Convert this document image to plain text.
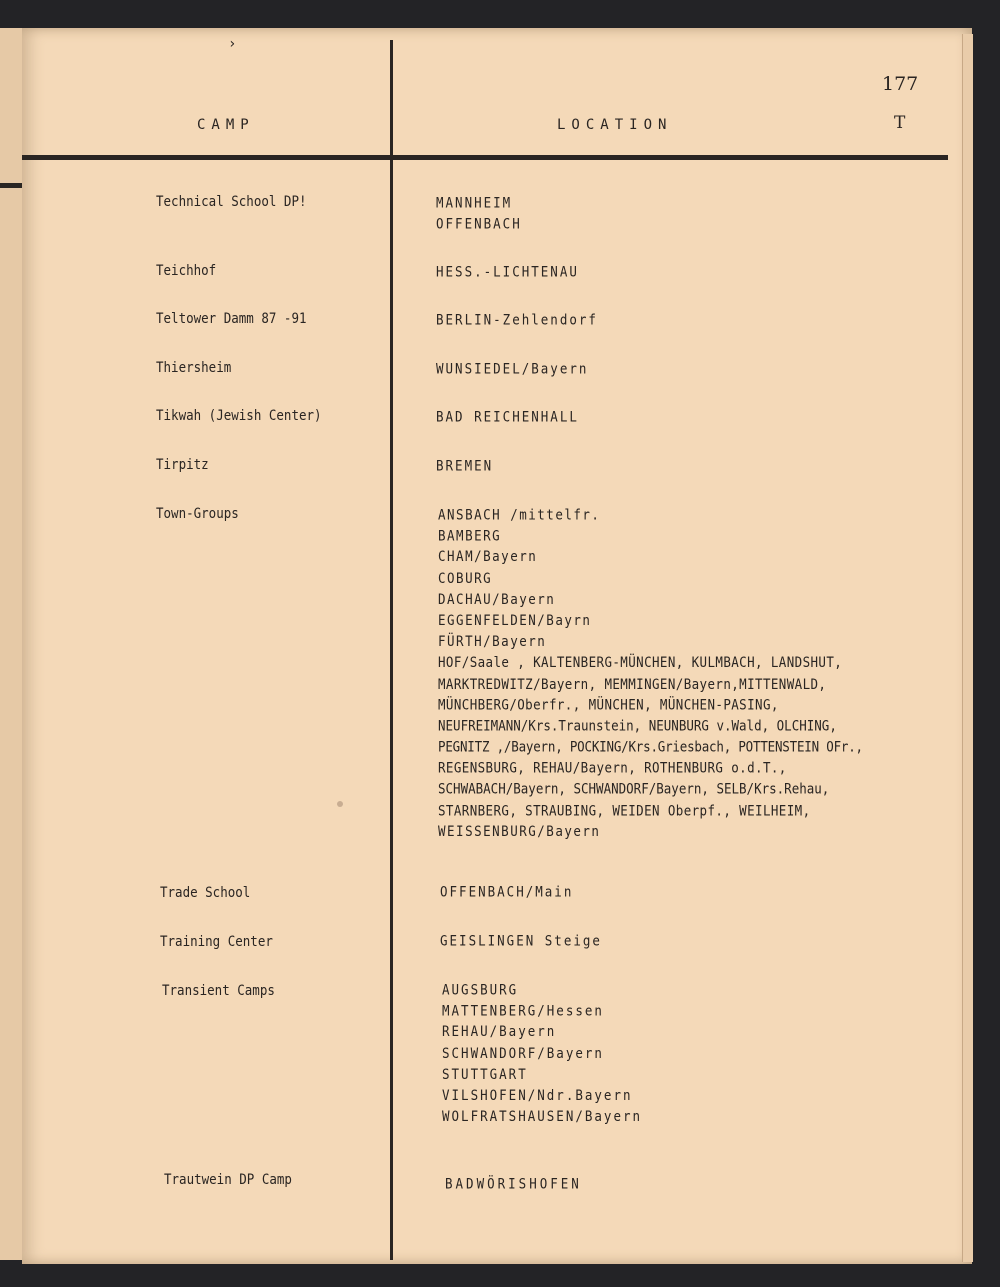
›
CAMP	LOCATION
177
T
Technical School DP!	MANNHEIM
OFFENBACH
Teichhof	HESS.-LICHTENAU
Teltower Damm 87 -91	BERLIN-Zehlendorf
Thiersheim	WUNSIEDEL/Bayern
Tikwah (Jewish Center)	BAD REICHENHALL
Tirpitz	BREMEN
Town-Groups	ANSBACH /mittelfr.
BAMBERG
CHAM/Bayern
COBURG
DACHAU/Bayern
EGGENFELDEN/Bayrn
FÜRTH/Bayern
HOF/Saale , KALTENBERG-MÜNCHEN, KULMBACH, LANDSHUT,
MARKTREDWITZ/Bayern, MEMMINGEN/Bayern,MITTENWALD,
MÜNCHBERG/Oberfr., MÜNCHEN, MÜNCHEN-PASING,
NEUFREIMANN/Krs.Traunstein, NEUNBURG v.Wald, OLCHING,
PEGNITZ ,/Bayern, POCKING/Krs.Griesbach, POTTENSTEIN OFr.,
REGENSBURG, REHAU/Bayern, ROTHENBURG o.d.T.,
SCHWABACH/Bayern, SCHWANDORF/Bayern, SELB/Krs.Rehau,
STARNBERG, STRAUBING, WEIDEN Oberpf., WEILHEIM,
WEISSENBURG/Bayern
Trade School	OFFENBACH/Main
Training Center	GEISLINGEN Steige
Transient Camps	AUGSBURG
MATTENBERG/Hessen
REHAU/Bayern
SCHWANDORF/Bayern
STUTTGART
VILSHOFEN/Ndr.Bayern
WOLFRATSHAUSEN/Bayern
Trautwein DP Camp	BADWÖRISHOFEN
